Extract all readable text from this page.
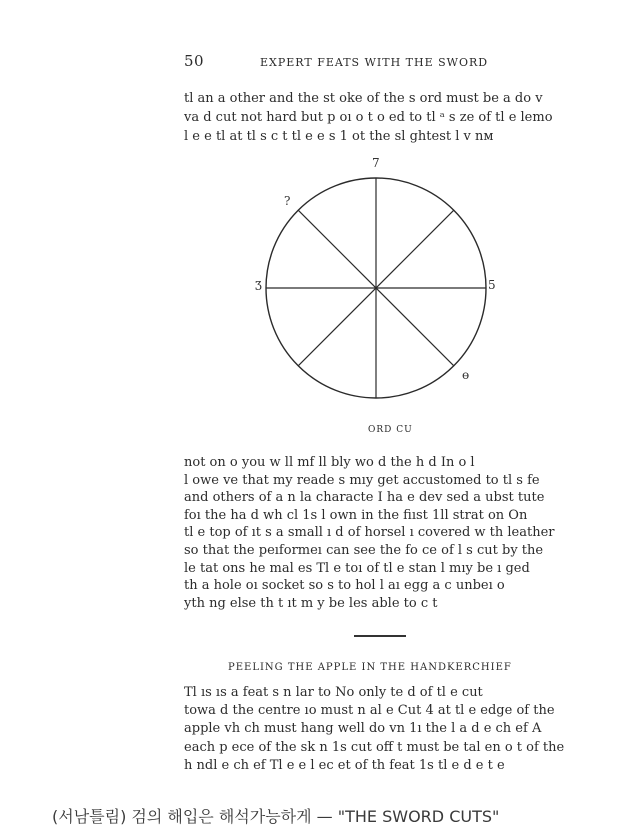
50	EXPERT FEATS WITH THE SWORD
tl an a other and the st oke of the s ord must be a do v
va d cut not hard but p oı o t o ed to tl ᵃ s ze of tl e lemo
l e e tl at tl s c t tl e e s 1 ot the sl ghtest l v nᴍ
7
?
Ʒ	5
ɵ
ORD CU
not on o you w ll mf ll bly wo d the h d In o l
l owe ve that my reade s mıy get accustomed to tl s fe
and others of a n la characte I ha e dev sed a ubst tute
foı the ha d wh cl 1s l own in the fiıst 1ll strat on On
tl e top of ıt s a small ı d of horsel ı covered w th leather
so that the peıformeı can see the fo ce of l s cut by the
le tat ons he mal es Tl e toı of tl e stan l mıy be ı ged
th a hole oı socket so s to hol l aı egg a c unbeı o
yth ng else th t ıt m y be les able to c t
PEELING THE APPLE IN THE HANDKERCHIEF
Tl ıs ıs a feat s n lar to No only te d of tl e cut
towa d the centre ıo must n al e Cut 4 at tl e edge of the
apple vh ch must hang well do vn 1ı the l a d e ch ef A
each p ece of the sk n 1s cut off t must be tal en o t of the
h ndl e ch ef Tl e e l ec et of th feat 1s tl e d e t e
(서남틀림) 검의 해입은 해석가능하게 — "THE SWORD CUTS"
